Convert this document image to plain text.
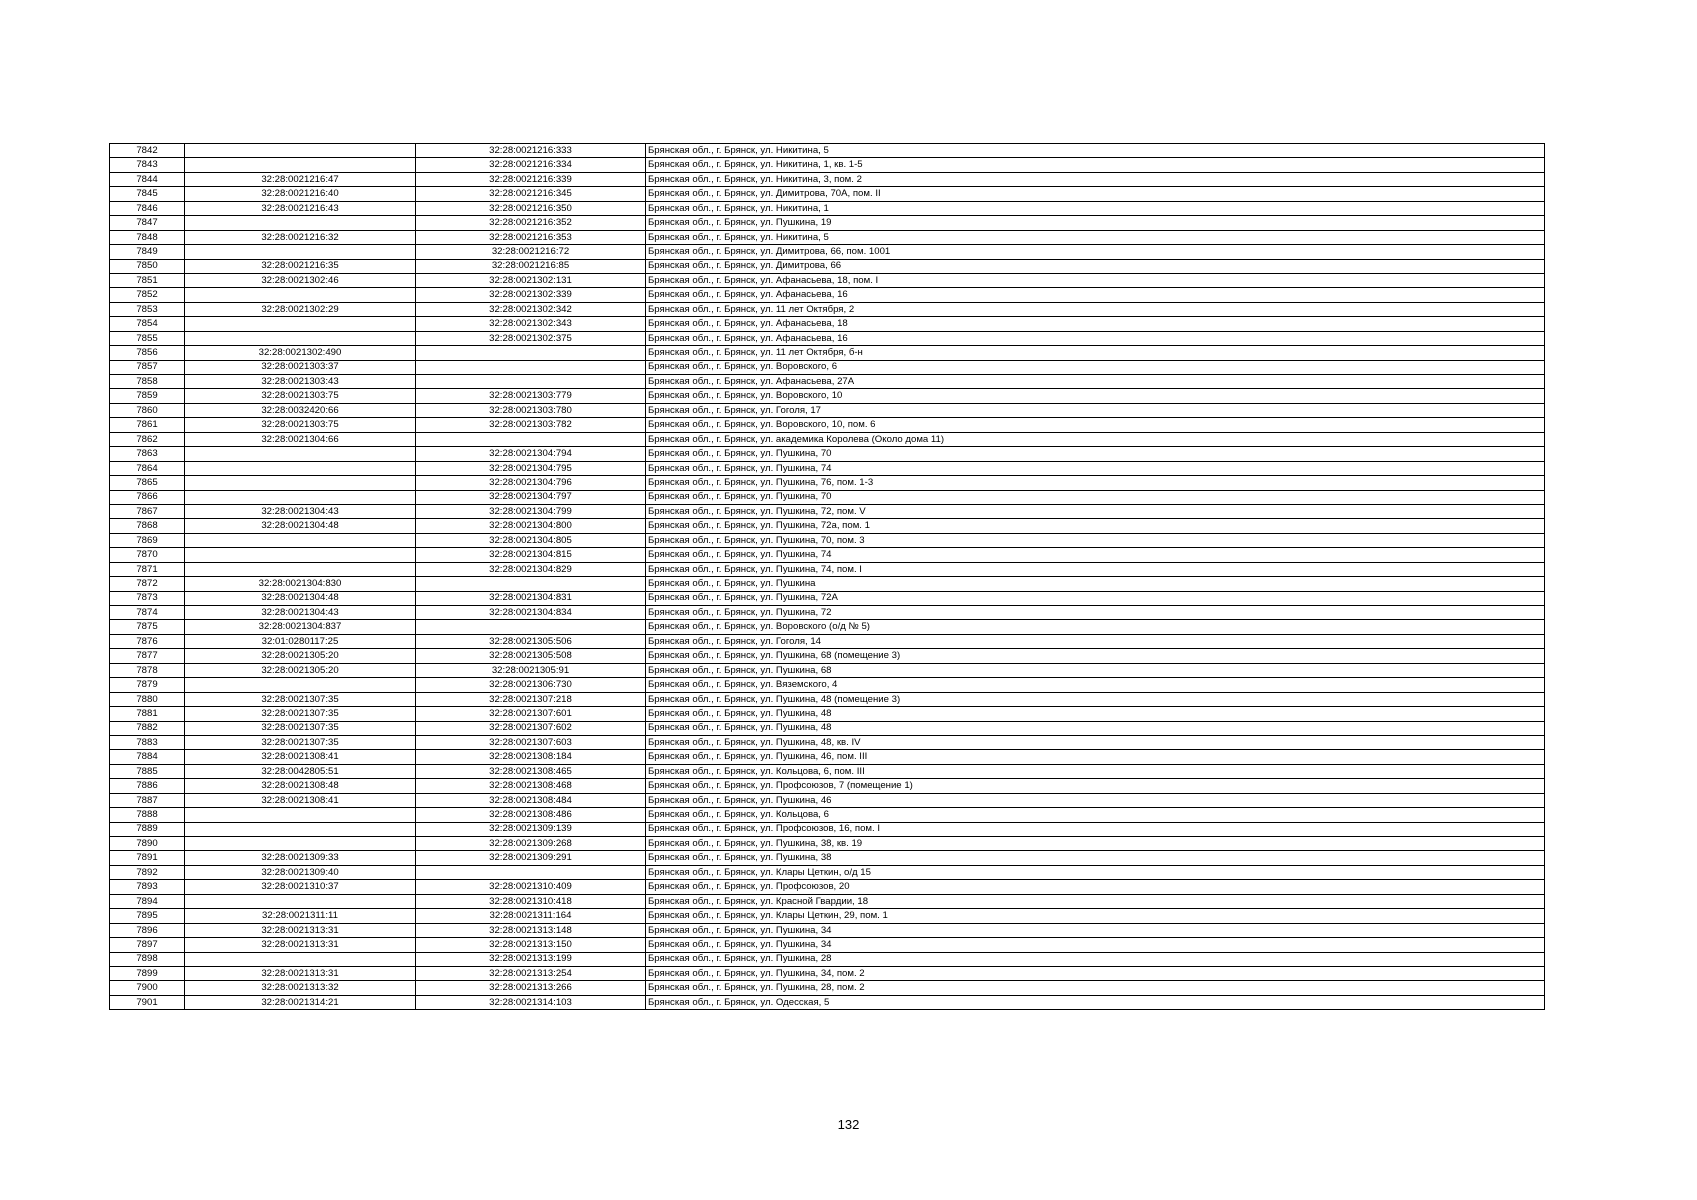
7842		32:28:0021216:333	Брянская обл., г. Брянск, ул. Никитина, 5
7843		32:28:0021216:334	Брянская обл., г. Брянск, ул. Никитина, 1, кв. 1-5
7844	32:28:0021216:47	32:28:0021216:339	Брянская обл., г. Брянск, ул. Никитина, 3, пом. 2
7845	32:28:0021216:40	32:28:0021216:345	Брянская обл., г. Брянск, ул. Димитрова, 70А, пом. II
7846	32:28:0021216:43	32:28:0021216:350	Брянская обл., г. Брянск, ул. Никитина, 1
7847		32:28:0021216:352	Брянская обл., г. Брянск, ул. Пушкина, 19
7848	32:28:0021216:32	32:28:0021216:353	Брянская обл., г. Брянск, ул. Никитина, 5
7849		32:28:0021216:72	Брянская обл., г. Брянск, ул. Димитрова, 66, пом. 1001
7850	32:28:0021216:35	32:28:0021216:85	Брянская обл., г. Брянск, ул. Димитрова, 66
7851	32:28:0021302:46	32:28:0021302:131	Брянская обл., г. Брянск, ул. Афанасьева, 18, пом. I
7852		32:28:0021302:339	Брянская обл., г. Брянск, ул. Афанасьева, 16
7853	32:28:0021302:29	32:28:0021302:342	Брянская обл., г. Брянск, ул. 11 лет Октября, 2
7854		32:28:0021302:343	Брянская обл., г. Брянск, ул. Афанасьева, 18
7855		32:28:0021302:375	Брянская обл., г. Брянск, ул. Афанасьева, 16
7856	32:28:0021302:490		Брянская обл., г. Брянск, ул. 11 лет Октября, б-н
7857	32:28:0021303:37		Брянская обл., г. Брянск, ул. Воровского, 6
7858	32:28:0021303:43		Брянская обл., г. Брянск, ул. Афанасьева, 27А
7859	32:28:0021303:75	32:28:0021303:779	Брянская обл., г. Брянск, ул. Воровского, 10
7860	32:28:0032420:66	32:28:0021303:780	Брянская обл., г. Брянск, ул. Гоголя, 17
7861	32:28:0021303:75	32:28:0021303:782	Брянская обл., г. Брянск, ул. Воровского, 10, пом. 6
7862	32:28:0021304:66		Брянская обл., г. Брянск, ул. академика Королева (Около дома 11)
7863		32:28:0021304:794	Брянская обл., г. Брянск, ул. Пушкина, 70
7864		32:28:0021304:795	Брянская обл., г. Брянск, ул. Пушкина, 74
7865		32:28:0021304:796	Брянская обл., г. Брянск, ул. Пушкина, 76, пом. 1-3
7866		32:28:0021304:797	Брянская обл., г. Брянск, ул. Пушкина, 70
7867	32:28:0021304:43	32:28:0021304:799	Брянская обл., г. Брянск, ул. Пушкина, 72, пом. V
7868	32:28:0021304:48	32:28:0021304:800	Брянская обл., г. Брянск, ул. Пушкина, 72а, пом. 1
7869		32:28:0021304:805	Брянская обл., г. Брянск, ул. Пушкина, 70, пом. 3
7870		32:28:0021304:815	Брянская обл., г. Брянск, ул. Пушкина, 74
7871		32:28:0021304:829	Брянская обл., г. Брянск, ул. Пушкина, 74, пом. I
7872	32:28:0021304:830		Брянская обл., г. Брянск, ул. Пушкина
7873	32:28:0021304:48	32:28:0021304:831	Брянская обл., г. Брянск, ул. Пушкина, 72А
7874	32:28:0021304:43	32:28:0021304:834	Брянская обл., г. Брянск, ул. Пушкина, 72
7875	32:28:0021304:837		Брянская обл., г. Брянск, ул. Воровского (о/д № 5)
7876	32:01:0280117:25	32:28:0021305:506	Брянская обл., г. Брянск, ул. Гоголя, 14
7877	32:28:0021305:20	32:28:0021305:508	Брянская обл., г. Брянск, ул. Пушкина, 68 (помещение 3)
7878	32:28:0021305:20	32:28:0021305:91	Брянская обл., г. Брянск, ул. Пушкина, 68
7879		32:28:0021306:730	Брянская обл., г. Брянск, ул. Вяземского, 4
7880	32:28:0021307:35	32:28:0021307:218	Брянская обл., г. Брянск, ул. Пушкина, 48 (помещение 3)
7881	32:28:0021307:35	32:28:0021307:601	Брянская обл., г. Брянск, ул. Пушкина, 48
7882	32:28:0021307:35	32:28:0021307:602	Брянская обл., г. Брянск, ул. Пушкина, 48
7883	32:28:0021307:35	32:28:0021307:603	Брянская обл., г. Брянск, ул. Пушкина, 48, кв. IV
7884	32:28:0021308:41	32:28:0021308:184	Брянская обл., г. Брянск, ул. Пушкина, 46, пом. III
7885	32:28:0042805:51	32:28:0021308:465	Брянская обл., г. Брянск, ул. Кольцова, 6, пом. III
7886	32:28:0021308:48	32:28:0021308:468	Брянская обл., г. Брянск, ул. Профсоюзов, 7 (помещение 1)
7887	32:28:0021308:41	32:28:0021308:484	Брянская обл., г. Брянск, ул. Пушкина, 46
7888		32:28:0021308:486	Брянская обл., г. Брянск, ул. Кольцова, 6
7889		32:28:0021309:139	Брянская обл., г. Брянск, ул. Профсоюзов, 16, пом. I
7890		32:28:0021309:268	Брянская обл., г. Брянск, ул. Пушкина, 38, кв. 19
7891	32:28:0021309:33	32:28:0021309:291	Брянская обл., г. Брянск, ул. Пушкина, 38
7892	32:28:0021309:40		Брянская обл., г. Брянск, ул. Клары Цеткин, о/д 15
7893	32:28:0021310:37	32:28:0021310:409	Брянская обл., г. Брянск, ул. Профсоюзов, 20
7894		32:28:0021310:418	Брянская обл., г. Брянск, ул. Красной Гвардии, 18
7895	32:28:0021311:11	32:28:0021311:164	Брянская обл., г. Брянск, ул. Клары Цеткин, 29, пом. 1
7896	32:28:0021313:31	32:28:0021313:148	Брянская обл., г. Брянск, ул. Пушкина, 34
7897	32:28:0021313:31	32:28:0021313:150	Брянская обл., г. Брянск, ул. Пушкина, 34
7898		32:28:0021313:199	Брянская обл., г. Брянск, ул. Пушкина, 28
7899	32:28:0021313:31	32:28:0021313:254	Брянская обл., г. Брянск, ул. Пушкина, 34, пом. 2
7900	32:28:0021313:32	32:28:0021313:266	Брянская обл., г. Брянск, ул. Пушкина, 28, пом. 2
7901	32:28:0021314:21	32:28:0021314:103	Брянская обл., г. Брянск, ул. Одесская, 5
132
